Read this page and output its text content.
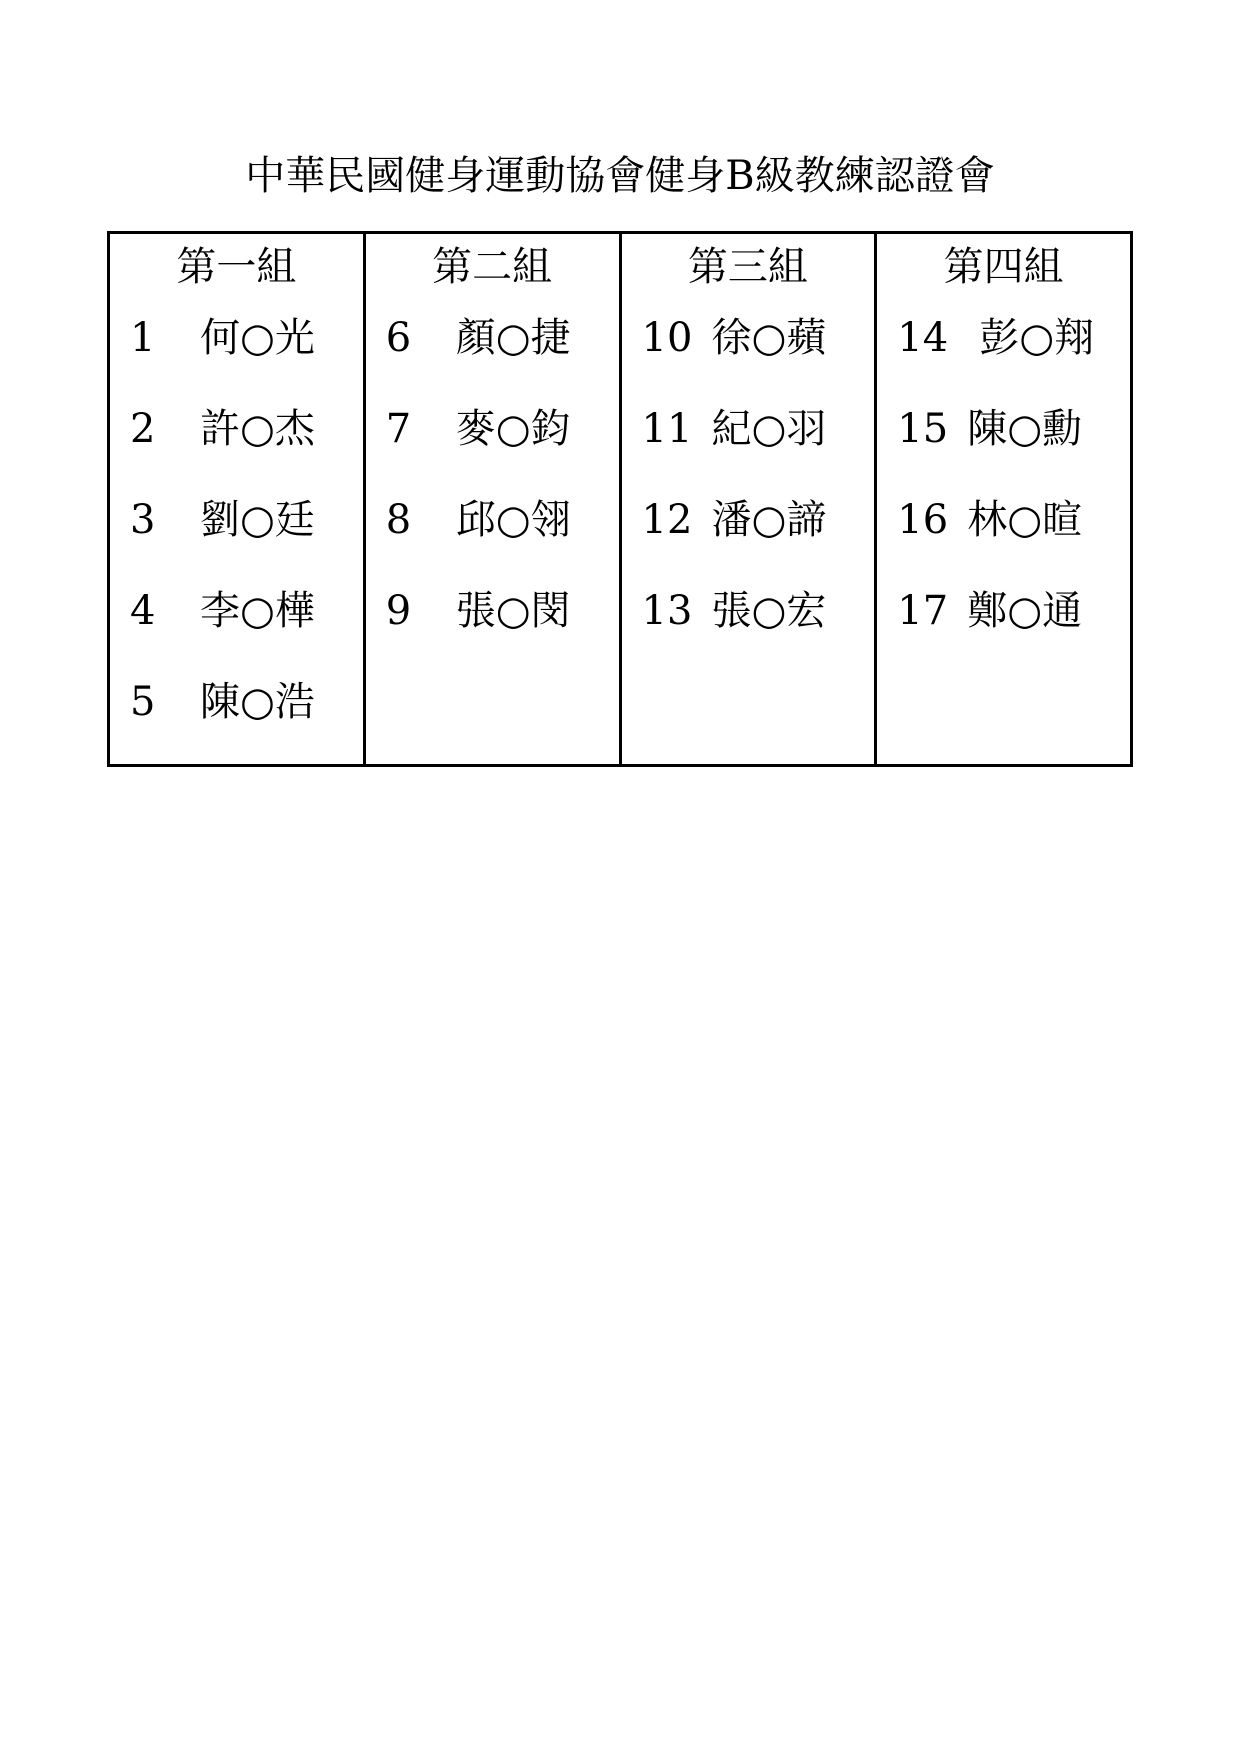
中華民國健身運動協會健身B級教練認證會
第一組
1 何○光
2 許○杰
3 劉○廷
4 李○樺
5 陳○浩
第二組
6 顏○捷
7 麥○鈞
8 邱○翎
9 張○閔
第三組
10 徐○蘋
11 紀○羽
12 潘○諦
13 張○宏
第四組
14 彭○翔
15 陳○勳
16 林○暄
17 鄭○通
